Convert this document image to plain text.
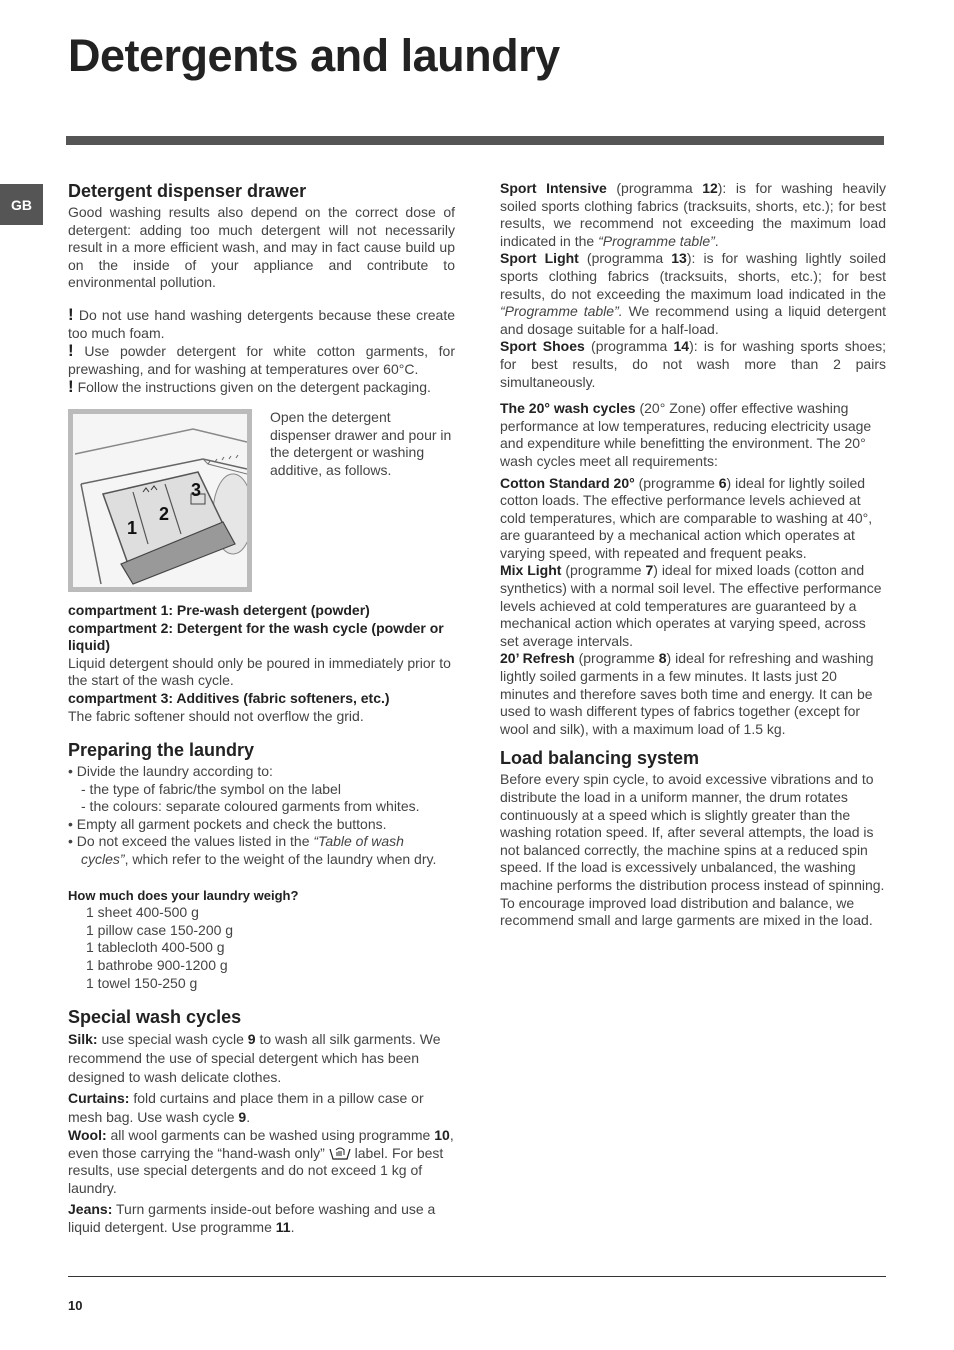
Detergents and laundry
GB
Detergent dispenser drawer

Good washing results also depend on the correct dose of detergent: adding too much detergent will not necessarily result in a more efficient wash, and may in fact cause build up on the inside of your appliance and contribute to environmental pollution.

! Do not use hand washing detergents because these create too much foam.

! Use powder detergent for white cotton garments, for prewashing, and for washing at temperatures over 60°C.

! Follow the instructions given on the detergent packaging.

1
2
3

Open the detergent dispenser drawer and pour in the detergent or washing additive, as follows.

compartment 1: Pre-wash detergent (powder)

compartment 2: Detergent for the wash cycle (powder or liquid)

Liquid detergent should only be poured in immediately prior to the start of the wash cycle.

compartment 3: Additives (fabric softeners, etc.)

The fabric softener should not overflow the grid.

Preparing the laundry
• Divide the laundry according to:
- the type of fabric/the symbol on the label
- the colours: separate coloured garments from whites.
• Empty all garment pockets and check the buttons.
• Do not exceed the values listed in the “Table of wash cycles”, which refer to the weight of the laundry when dry.

How much does your laundry weigh?

1 sheet 400-500 g
1 pillow case 150-200 g
1 tablecloth 400-500 g
1 bathrobe 900-1200 g
1 towel 150-250 g
Special wash cycles

Silk: use special wash cycle 9 to wash all silk garments. We recommend the use of special detergent which has been designed to wash delicate clothes.

Curtains: fold curtains and place them in a pillow case or mesh bag. Use wash cycle 9.

Wool: all wool garments can be washed using programme 10, even those carrying the “hand-wash only”  label. For best results, use special detergents and do not exceed 1 kg of laundry.

Jeans: Turn garments inside-out before washing and use a liquid detergent. Use programme 11.

Sport Intensive (programma 12): is for washing heavily soiled sports clothing fabrics (tracksuits, shorts, etc.); for best results, we recommend not exceeding the maximum load indicated in the “Programme table”.

Sport Light (programma 13): is for washing lightly soiled sports clothing fabrics (tracksuits, shorts, etc.); for best results, do not exceeding the maximum load indicated in the “Programme table”. We recommend using a liquid detergent and dosage suitable for a half-load.

Sport Shoes (programma 14): is for washing sports shoes; for best results, do not wash more than 2 pairs simultaneously.

The 20° wash cycles (20° Zone) offer effective washing performance at low temperatures, reducing electricity usage and expenditure while benefitting the environment. The 20° wash cycles meet all requirements:

Cotton Standard 20° (programme 6) ideal for lightly soiled cotton loads. The effective performance levels achieved at cold temperatures, which are comparable to washing at 40°, are guaranteed by a mechanical action which operates at varying speed, with repeated and frequent peaks.

Mix Light (programme 7) ideal for mixed loads (cotton and synthetics) with a normal soil level. The effective performance levels achieved at cold temperatures are guaranteed by a mechanical action which operates at varying speed, across set average intervals.

20’ Refresh (programme 8) ideal for refreshing and washing lightly soiled garments in a few minutes. It lasts just 20 minutes and therefore saves both time and energy. It can be used to wash different types of fabrics together (except for wool and silk), with a maximum load of 1.5 kg.

Load balancing system

Before every spin cycle, to avoid excessive vibrations and to distribute the load in a uniform manner, the drum rotates continuously at a speed which is slightly greater than the washing rotation speed. If, after several attempts, the load is not balanced correctly, the machine spins at a reduced spin speed. If the load is excessively unbalanced, the washing machine performs the distribution process instead of spinning. To encourage improved load distribution and balance, we recommend small and large garments are mixed in the load.

10
